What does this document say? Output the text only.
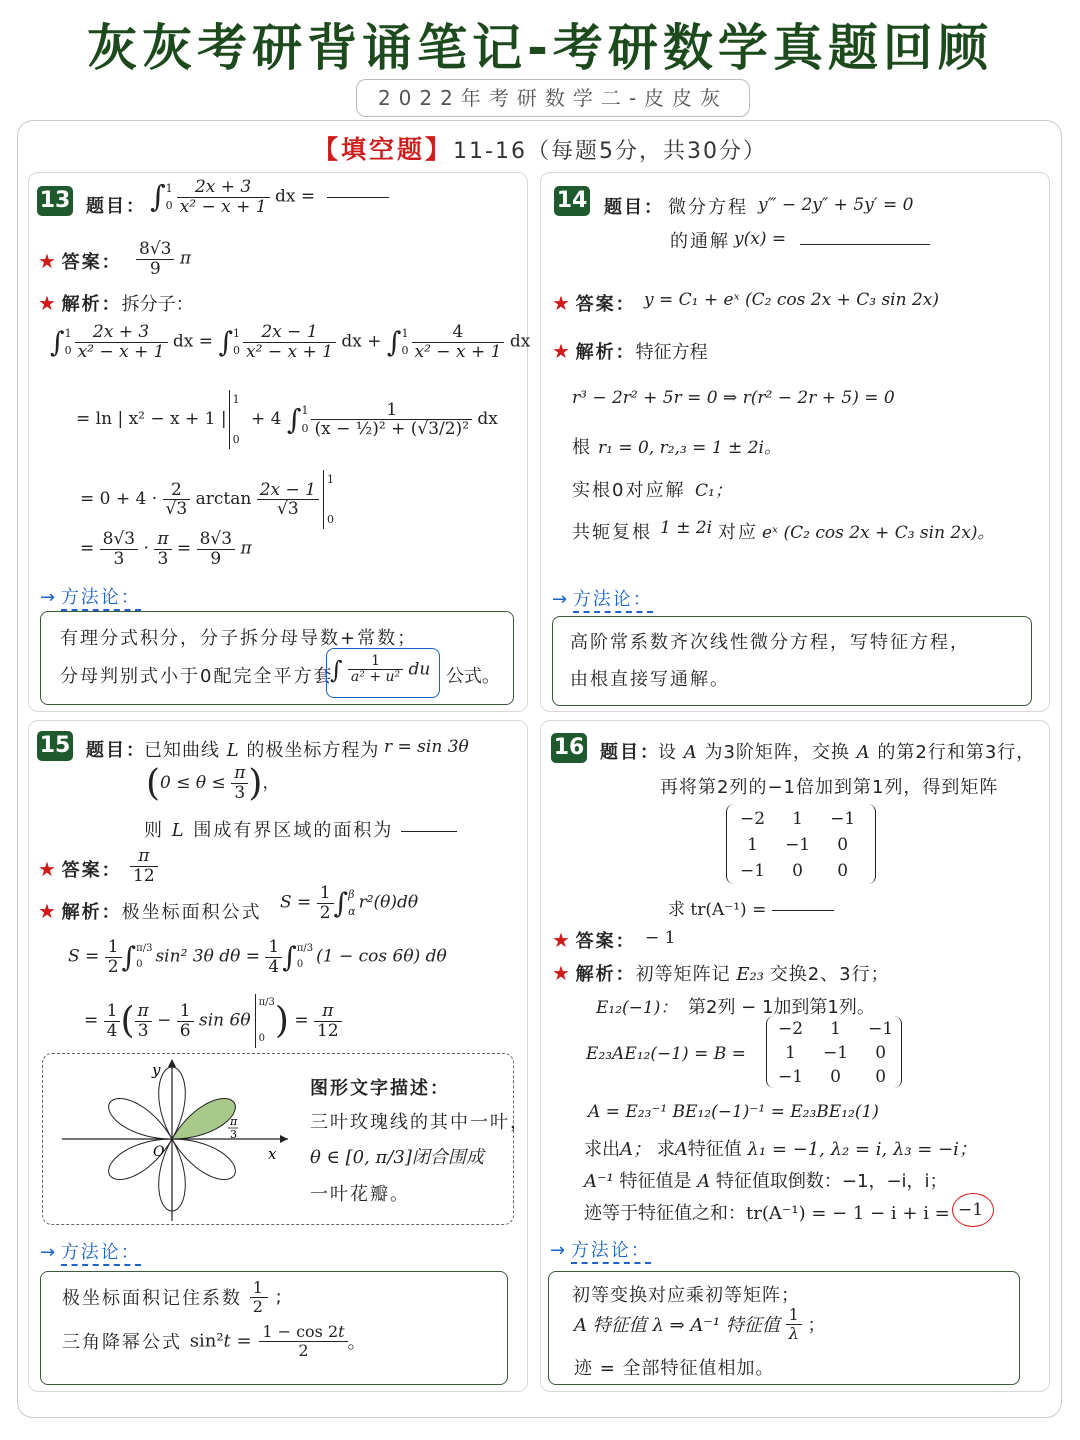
灰灰考研背诵笔记-考研数学真题回顾
2022年考研数学二-皮皮灰
【填空题】11-16（每题5分，共30分）
13 题目： ∫1
$0 \frac{2x + 3}{\text{x² − x + 1}}$ dx =
★ 答案： $\frac{8√3}{9}$ π
★ 解析：拆分子：
∫1
$0 \frac{2x + 3}{\text{x² − x + 1}}$ dx = ∫1
$0 \frac{2x - 1}{\text{x² − x + 1}}$ dx + ∫1
$0 \frac{4}{\text{x² − x + 1}}$ dx
= ln | x² − x + 1 |1

0 + 4 ∫1
$0 \frac{1}{\text{(x − ½)² + (√3/2)²}}$ dx
= $0 + 4 \cdot \frac{2}{√3}$ $\arctan \frac{2x - 1}{√3}$
1

0
= $\frac{8√3}{3} \cdot \frac{\pi}{3} = \frac{8√3}{9}$ π
→ 方法论：
有理分式积分，分子拆分母导数+常数；
分母判别式小于0配完全平方套
∫ $\frac{1}{\text{a² + u²}}$ du 公式。
14 题目： 微分方程 y‴ − 2y″ + 5y′ = 0
的通解 y(x) =
★ 答案： y = C₁ + eˣ (C₂ cos 2x + C₃ sin 2x)
★ 解析：特征方程
r³ − 2r² + 5r = 0 ⇒ r(r² − 2r + 5) = 0
根 r₁ = 0, r₂,₃ = 1 ± 2i。
实根0对应解 C₁；
共轭复根 1 ± 2i 对应 eˣ (C₂ cos 2x + C₃ sin 2x)。
→ 方法论：
高阶常系数齐次线性微分方程，写特征方程，
由根直接写通解。
15 题目：
已知曲线 L 的极坐标方程为 r = sin 3θ
($0 \le \theta \le \frac{\pi}{3}$ )，
则 L 围成有界区域的面积为
★ 答案： $\frac{\pi}{12}$
★ 解析：极坐标面积公式 $S = \frac{1}{2} \int\beta$
α r²(θ)dθ
$S = \frac{1}{2} \int\pi/3$
0 sin² 3θ $d\theta = \frac{1}{4} \int\pi/3$
0 (1 − cos 6θ) dθ
= $\frac{1}{4}$ ( $\frac{\pi}{3} - \frac{1}{6}$ sin 6θπ/3

0 ) = $\frac{\pi}{12}$
y
x
O
π
3
图形文字描述：
三叶玫瑰线的其中一叶，
θ ∈ [0, π/3]闭合围成
一叶花瓣。
→ 方法论：
极坐标面积记住系数 $\frac{1}{2}$ ;
三角降幂公式 $\sin^2t = \frac{1 - \cos 2t}{2}$ 。
16 题目：
设 A 为3阶矩阵，交换 A 的第2行和第3行，
再将第2列的−1倍加到第1列，得到矩阵
−2	1	−1
1	−1	0
−1	0	0
求 tr(A⁻¹) =
★ 答案： − 1
★ 解析：初等矩阵记 E₂₃ 交换2、3行；
E₁₂(−1)： 第2列 − 1加到第1列。
E₂₃AE₁₂(−1) = B =
−2	1	−1
1	−1	0
−1	0	0
A = E₂₃⁻¹ BE₁₂(−1)⁻¹ = E₂₃BE₁₂(1)
求出A； 求A特征值 λ₁ = −1, λ₂ = i, λ₃ = −i；
A⁻¹ 特征值是 A 特征值取倒数：−1，−i，i；
迹等于特征值之和：tr(A⁻¹) = − 1 − i + i = −1
→ 方法论：
初等变换对应乘初等矩阵；
A 特征值 λ ⇒ A⁻¹ 特征值 $\frac{1}{\lambda}$ ；
迹 = 全部特征值相加。
